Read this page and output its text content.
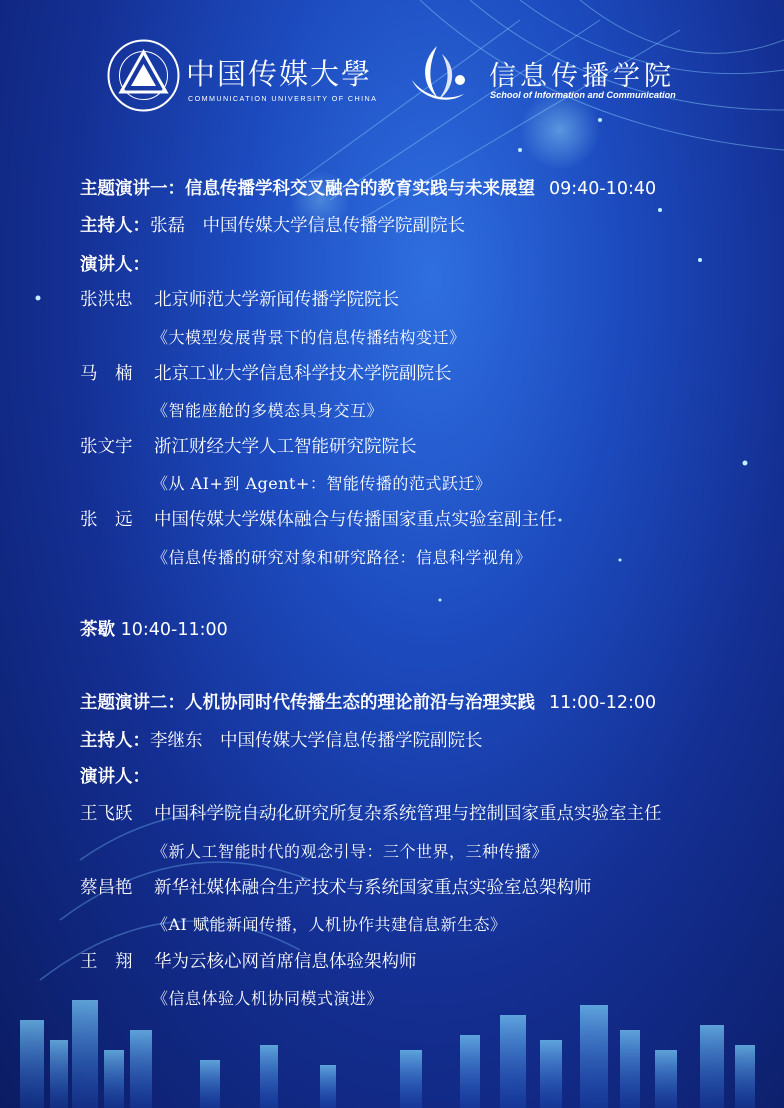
中国传媒大學
COMMUNICATION UNIVERSITY OF CHINA
信息传播学院
School of Information and Communication
主题演讲一：信息传播学科交叉融合的教育实践与未来展望 09:40-10:40
主持人：张磊　中国传媒大学信息传播学院副院长
演讲人：
张洪忠 北京师范大学新闻传播学院院长
《大模型发展背景下的信息传播结构变迁》
马　楠 北京工业大学信息科学技术学院副院长
《智能座舱的多模态具身交互》
张文宇 浙江财经大学人工智能研究院院长
《从 AI+到 Agent+：智能传播的范式跃迁》
张　远 中国传媒大学媒体融合与传播国家重点实验室副主任
《信息传播的研究对象和研究路径：信息科学视角》
茶歇 10:40-11:00
主题演讲二：人机协同时代传播生态的理论前沿与治理实践 11:00-12:00
主持人：李继东　中国传媒大学信息传播学院副院长
演讲人：
王飞跃 中国科学院自动化研究所复杂系统管理与控制国家重点实验室主任
《新人工智能时代的观念引导：三个世界，三种传播》
蔡昌艳 新华社媒体融合生产技术与系统国家重点实验室总架构师
《AI 赋能新闻传播，人机协作共建信息新生态》
王　翔 华为云核心网首席信息体验架构师
《信息体验人机协同模式演进》
